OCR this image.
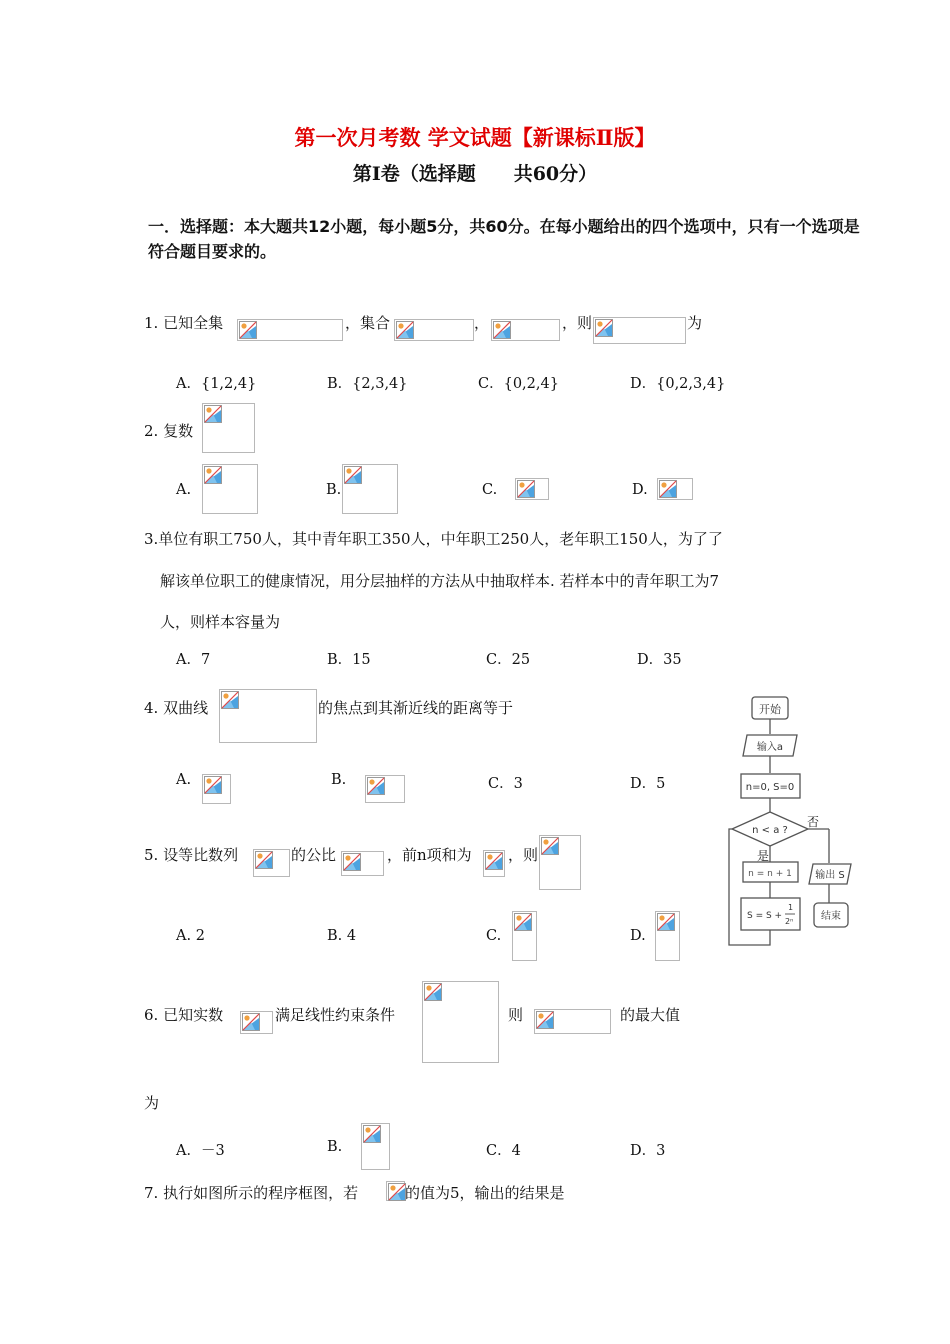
第一次月考数 学文试题【新课标Ⅱ版】
第Ⅰ卷（选择题　　共60分）
一．选择题：本大题共12小题，每小题5分，共60分。在每小题给出的四个选项中，只有一个选项是符合题目要求的。
1. 已知全集	，集合	，	，则	为
A．{1,2,4}	B．{2,3,4}	C．{0,2,4}	D．{0,2,3,4}
2. 复数
A.	B.	C.	D.
3.单位有职工750人，其中青年职工350人，中年职工250人，老年职工150人，为了了
解该单位职工的健康情况，用分层抽样的方法从中抽取样本. 若样本中的青年职工为7
人，则样本容量为
A．7	B．15	C．25	D．35
4. 双曲线	的焦点到其渐近线的距离等于
A.	B.	C．3	D．5
5. 设等比数列	的公比	，前n项和为 ，则
A. 2	B. 4	C.	D.
6. 已知实数	满足线性约束条件	则	的最大值
为
A．－3	B.	C．4	D．3
7. 执行如图所示的程序框图，若	的值为5，输出的结果是
开始
输入a
n=0, S=0
n < a ?
否
是
n = n + 1 输出 S
结束
S = S +
1
2ⁿ
